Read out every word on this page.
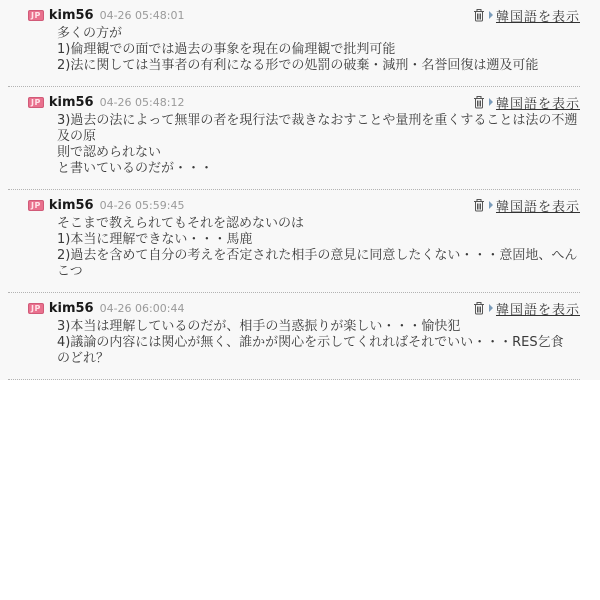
JP kim56 04-26 05:48:01	韓国語を表示
多くの方が
1)倫理観での面では過去の事象を現在の倫理観で批判可能
2)法に関しては当事者の有利になる形での処罰の破棄・減刑・名誉回復は遡及可能
JP kim56 04-26 05:48:12	韓国語を表示
3)過去の法によって無罪の者を現行法で裁きなおすことや量刑を重くすることは法の不遡及の原
則で認められない
と書いているのだが・・・
JP kim56 04-26 05:59:45	韓国語を表示
そこまで教えられてもそれを認めないのは
1)本当に理解できない・・・馬鹿
2)過去を含めて自分の考えを否定された相手の意見に同意したくない・・・意固地、へんこつ
JP kim56 04-26 06:00:44	韓国語を表示
3)本当は理解しているのだが、相手の当惑振りが楽しい・・・愉快犯
4)議論の内容には関心が無く、誰かが関心を示してくれればそれでいい・・・RES乞食
のどれ？
